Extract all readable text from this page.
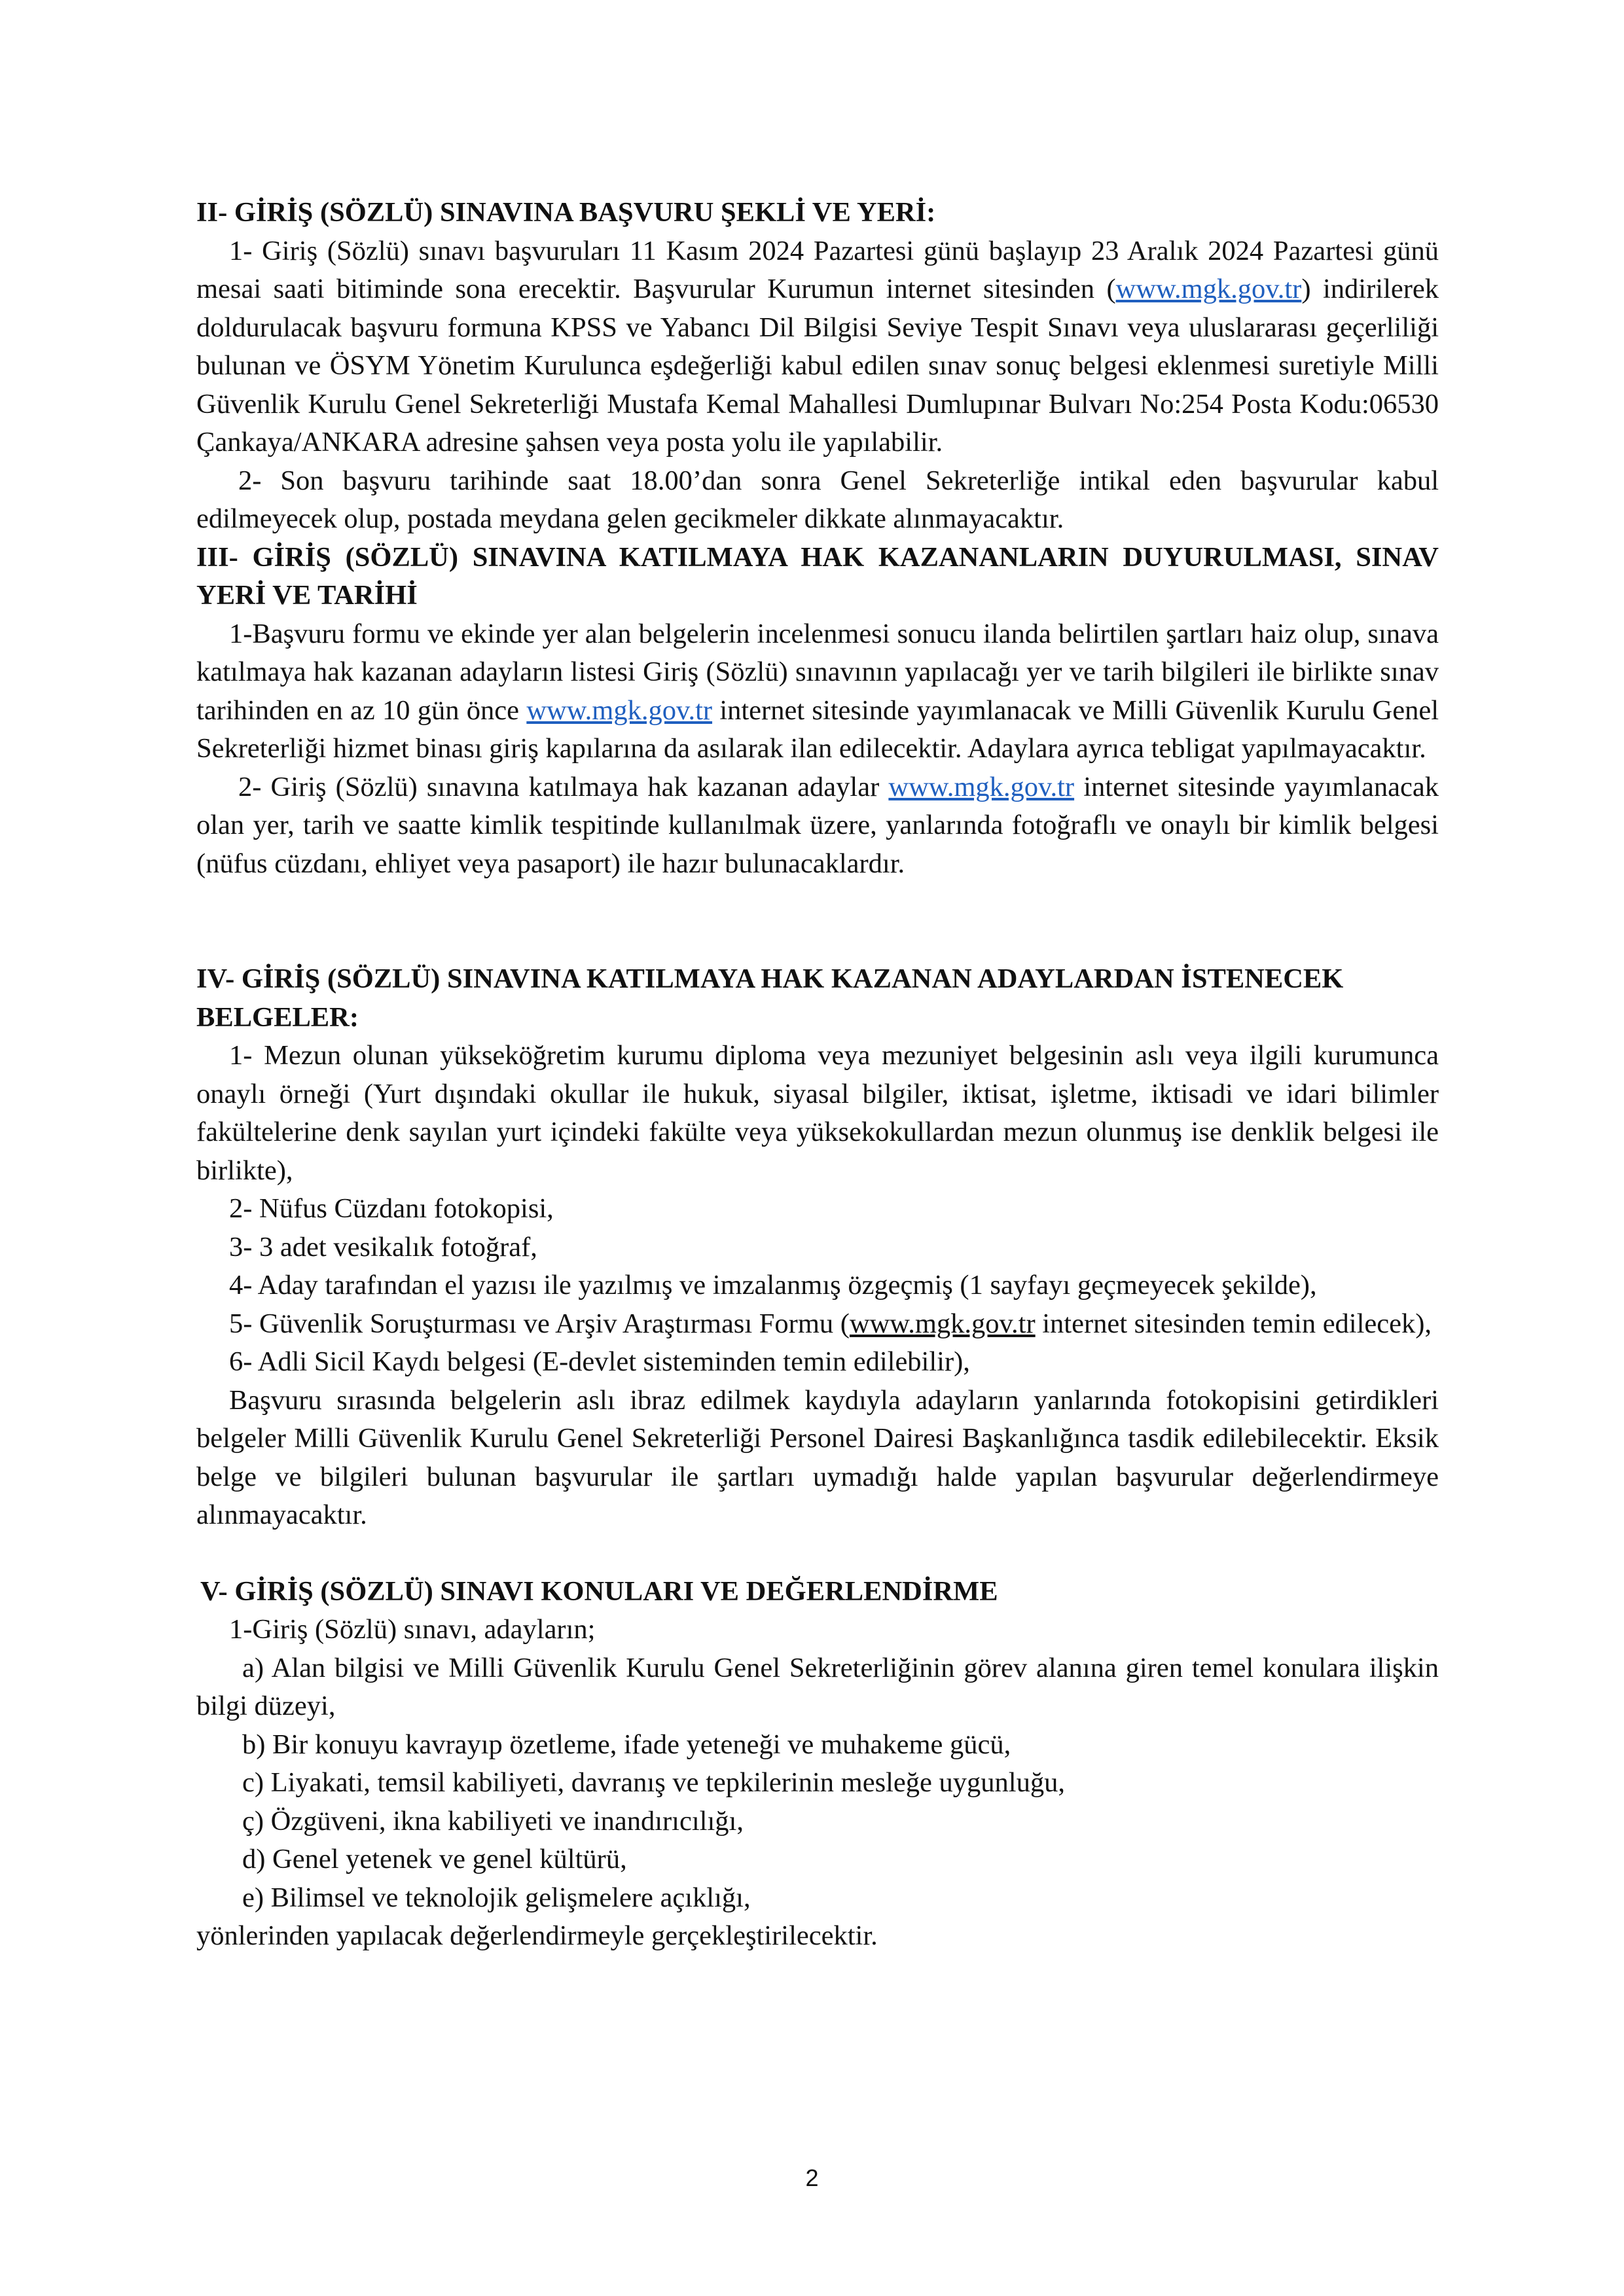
II- GİRİŞ (SÖZLÜ) SINAVINA BAŞVURU ŞEKLİ VE YERİ:

1- Giriş (Sözlü) sınavı başvuruları 11 Kasım 2024 Pazartesi günü başlayıp 23 Aralık 2024 Pazartesi günü mesai saati bitiminde sona erecektir. Başvurular Kurumun internet sitesinden (www.mgk.gov.tr) indirilerek doldurulacak başvuru formuna KPSS ve Yabancı Dil Bilgisi Seviye Tespit Sınavı veya uluslararası geçerliliği bulunan ve ÖSYM Yönetim Kurulunca eşdeğerliği kabul edilen sınav sonuç belgesi eklenmesi suretiyle Milli Güvenlik Kurulu Genel Sekreterliği Mustafa Kemal Mahallesi Dumlupınar Bulvarı No:254 Posta Kodu:06530 Çankaya/ANKARA adresine şahsen veya posta yolu ile yapılabilir.

2- Son başvuru tarihinde saat 18.00’dan sonra Genel Sekreterliğe intikal eden başvurular kabul edilmeyecek olup, postada meydana gelen gecikmeler dikkate alınmayacaktır.

III- GİRİŞ (SÖZLÜ) SINAVINA KATILMAYA HAK KAZANANLARIN DUYURULMASI, SINAV YERİ VE TARİHİ

1-Başvuru formu ve ekinde yer alan belgelerin incelenmesi sonucu ilanda belirtilen şartları haiz olup, sınava katılmaya hak kazanan adayların listesi Giriş (Sözlü) sınavının yapılacağı yer ve tarih bilgileri ile birlikte sınav tarihinden en az 10 gün önce www.mgk.gov.tr internet sitesinde yayımlanacak ve Milli Güvenlik Kurulu Genel Sekreterliği hizmet binası giriş kapılarına da asılarak ilan edilecektir. Adaylara ayrıca tebligat yapılmayacaktır.

2- Giriş (Sözlü) sınavına katılmaya hak kazanan adaylar www.mgk.gov.tr internet sitesinde yayımlanacak olan yer, tarih ve saatte kimlik tespitinde kullanılmak üzere, yanlarında fotoğraflı ve onaylı bir kimlik belgesi (nüfus cüzdanı, ehliyet veya pasaport) ile hazır bulunacaklardır.

IV- GİRİŞ (SÖZLÜ) SINAVINA KATILMAYA HAK KAZANAN ADAYLARDAN İSTENECEK BELGELER:

1- Mezun olunan yükseköğretim kurumu diploma veya mezuniyet belgesinin aslı veya ilgili kurumunca onaylı örneği (Yurt dışındaki okullar ile hukuk, siyasal bilgiler, iktisat, işletme, iktisadi ve idari bilimler fakültelerine denk sayılan yurt içindeki fakülte veya yüksekokullardan mezun olunmuş ise denklik belgesi ile birlikte),

2- Nüfus Cüzdanı fotokopisi,

3- 3 adet vesikalık fotoğraf,

4- Aday tarafından el yazısı ile yazılmış ve imzalanmış özgeçmiş (1 sayfayı geçmeyecek şekilde),

5- Güvenlik Soruşturması ve Arşiv Araştırması Formu (www.mgk.gov.tr internet sitesinden temin edilecek),

6- Adli Sicil Kaydı belgesi (E-devlet sisteminden temin edilebilir),

Başvuru sırasında belgelerin aslı ibraz edilmek kaydıyla adayların yanlarında fotokopisini getirdikleri belgeler Milli Güvenlik Kurulu Genel Sekreterliği Personel Dairesi Başkanlığınca tasdik edilebilecektir. Eksik belge ve bilgileri bulunan başvurular ile şartları uymadığı halde yapılan başvurular değerlendirmeye alınmayacaktır.

V- GİRİŞ (SÖZLÜ) SINAVI KONULARI VE DEĞERLENDİRME

1-Giriş (Sözlü) sınavı, adayların;

a) Alan bilgisi ve Milli Güvenlik Kurulu Genel Sekreterliğinin görev alanına giren temel konulara ilişkin bilgi düzeyi,

b) Bir konuyu kavrayıp özetleme, ifade yeteneği ve muhakeme gücü,

c) Liyakati, temsil kabiliyeti, davranış ve tepkilerinin mesleğe uygunluğu,

ç) Özgüveni, ikna kabiliyeti ve inandırıcılığı,

d) Genel yetenek ve genel kültürü,

e) Bilimsel ve teknolojik gelişmelere açıklığı,

yönlerinden yapılacak değerlendirmeyle gerçekleştirilecektir.

2
